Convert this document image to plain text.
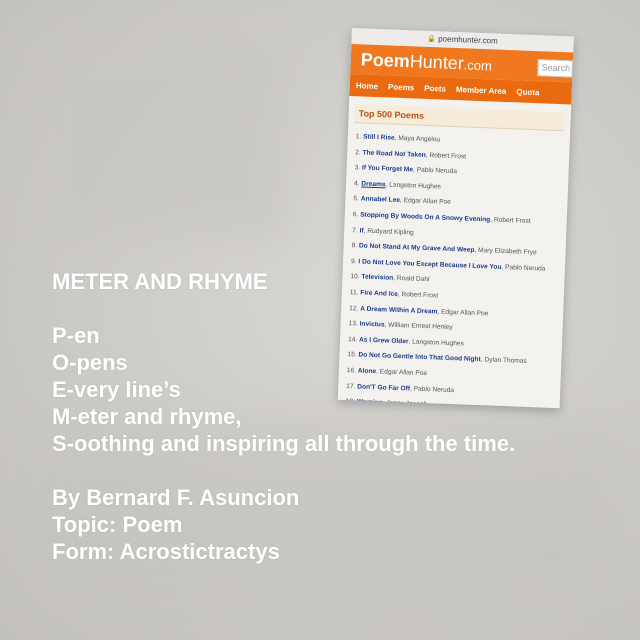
🔒 poemhunter.com
PoemHunter.com	Search
Home Poems Poets Member Area Quota
Top 500 Poems
1. Still I Rise, Maya Angelou
2. The Road Not Taken, Robert Frost
3. If You Forget Me, Pablo Neruda
4. Dreams, Langston Hughes
5. Annabel Lee, Edgar Allan Poe
6. Stopping By Woods On A Snowy Evening, Robert Frost
7. If, Rudyard Kipling
8. Do Not Stand At My Grave And Weep, Mary Elizabeth Frye
9. I Do Not Love You Except Because I Love You, Pablo Neruda
10. Television, Roald Dahl
11. Fire And Ice, Robert Frost
12. A Dream Within A Dream, Edgar Allan Poe
13. Invictus, William Ernest Henley
14. As I Grew Older, Langston Hughes
15. Do Not Go Gentle Into That Good Night, Dylan Thomas
16. Alone, Edgar Allan Poe
17. Don'T Go Far Off, Pablo Neruda
18. Warning, Jenny Joseph
METER AND RHYME
P-en
O-pens
E-very line’s
M-eter and rhyme,
S-oothing and inspiring all through the time.
By Bernard F. Asuncion
Topic: Poem
Form: Acrostictractys
